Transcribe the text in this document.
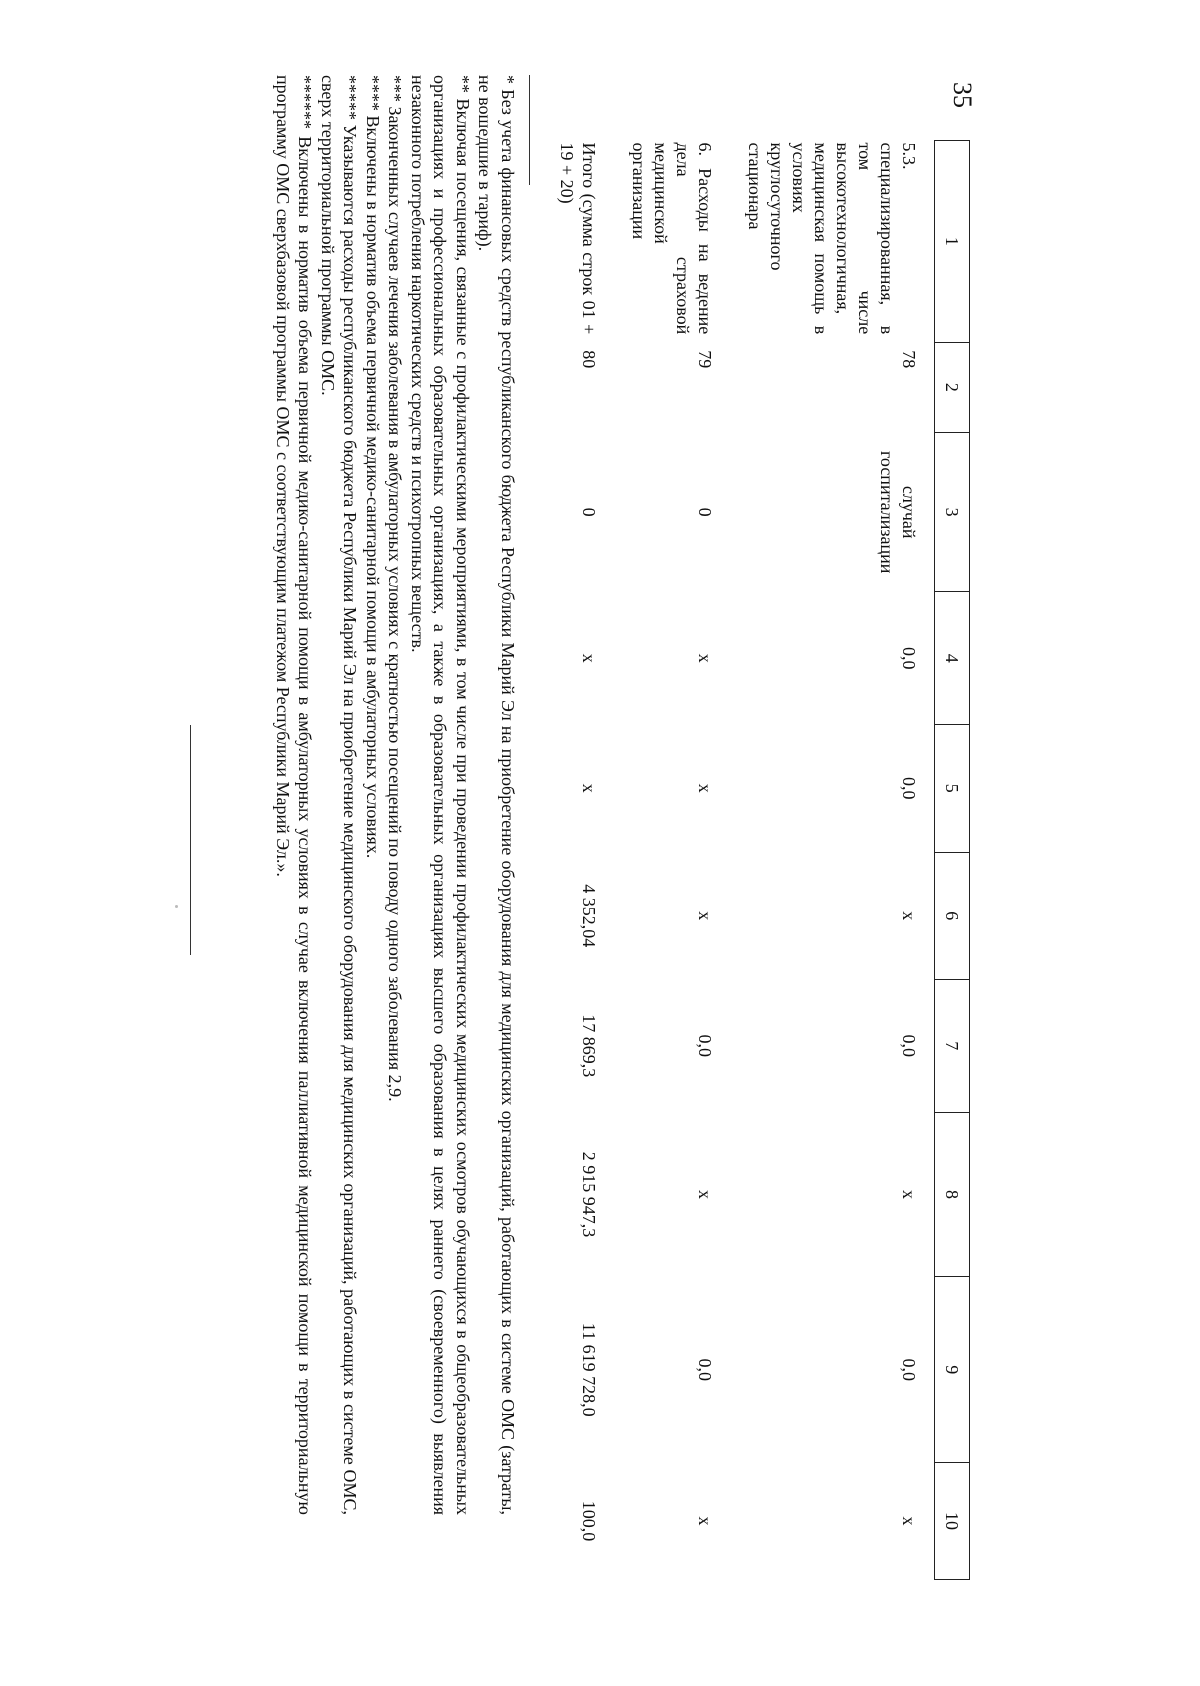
35
1	2	3	4	5	6	7	8	9	10
5.3. специализированная, в том числе высокотехнологичная, медицинская помощь в условиях круглосуточного стационара	78	случай госпитализации	0,0	0,0	х	0,0	х	0,0	х
6. Расходы на ведение дела страховой медицинской организации	79	0	х	х	х	0,0	х	0,0	х
Итого (сумма строк 01 + 19 + 20)	80	0	х	х	4 352,04	17 869,3	2 915 947,3	11 619 728,0	100,0

* Без учета финансовых средств республиканского бюджета Республики Марий Эл на приобретение оборудования для медицинских организаций, работающих в системе ОМС (затраты, не вошедшие в тариф).

** Включая посещения, связанные с профилактическими мероприятиями, в том числе при проведении профилактических медицинских осмотров обучающихся в общеобразовательных организациях и профессиональных образовательных организациях, а также в образовательных организациях высшего образования в целях раннего (своевременного) выявления незаконного потребления наркотических средств и психотропных веществ.

*** Законченных случаев лечения заболевания в амбулаторных условиях с кратностью посещений по поводу одного заболевания 2,9.

**** Включены в норматив объема первичной медико-санитарной помощи в амбулаторных условиях.

***** Указываются расходы республиканского бюджета Республики Марий Эл на приобретение медицинского оборудования для медицинских организаций, работающих в системе ОМС, сверх территориальной программы ОМС.

****** Включены в норматив объема первичной медико-санитарной помощи в амбулаторных условиях в случае включения паллиативной медицинской помощи в территориальную программу ОМС сверхбазовой программы ОМС с соответствующим платежом Республики Марий Эл.».
